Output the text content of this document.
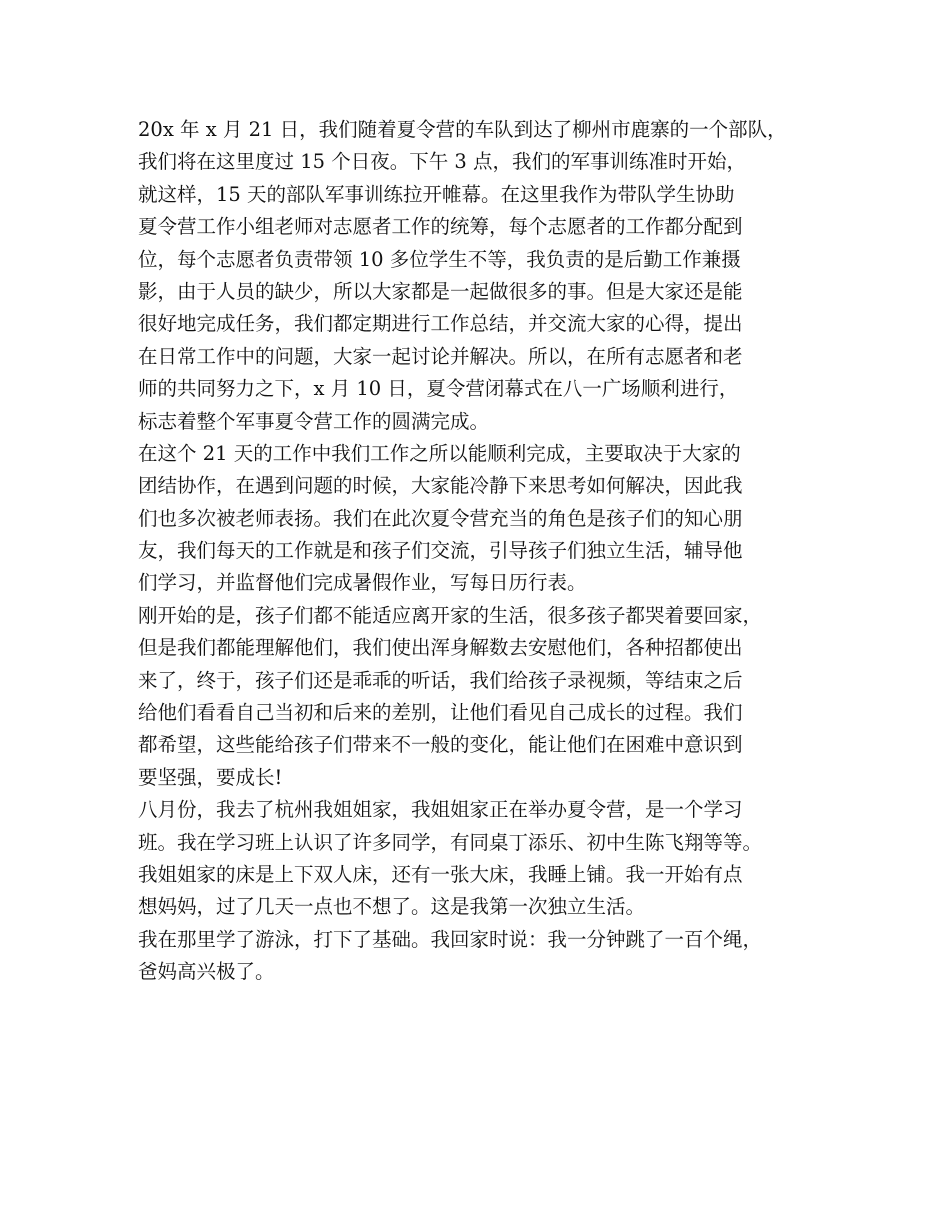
20x 年 x 月 21 日，我们随着夏令营的车队到达了柳州市鹿寨的一个部队，
我们将在这里度过 15 个日夜。下午 3 点，我们的军事训练准时开始，
就这样，15 天的部队军事训练拉开帷幕。在这里我作为带队学生协助
夏令营工作小组老师对志愿者工作的统筹，每个志愿者的工作都分配到
位，每个志愿者负责带领 10 多位学生不等，我负责的是后勤工作兼摄
影，由于人员的缺少，所以大家都是一起做很多的事。但是大家还是能
很好地完成任务，我们都定期进行工作总结，并交流大家的心得，提出
在日常工作中的问题，大家一起讨论并解决。所以，在所有志愿者和老
师的共同努力之下，x 月 10 日，夏令营闭幕式在八一广场顺利进行，
标志着整个军事夏令营工作的圆满完成。
在这个 21 天的工作中我们工作之所以能顺利完成，主要取决于大家的
团结协作，在遇到问题的时候，大家能冷静下来思考如何解决，因此我
们也多次被老师表扬。我们在此次夏令营充当的角色是孩子们的知心朋
友，我们每天的工作就是和孩子们交流，引导孩子们独立生活，辅导他
们学习，并监督他们完成暑假作业，写每日历行表。
刚开始的是，孩子们都不能适应离开家的生活，很多孩子都哭着要回家，
但是我们都能理解他们，我们使出浑身解数去安慰他们，各种招都使出
来了，终于，孩子们还是乖乖的听话，我们给孩子录视频，等结束之后
给他们看看自己当初和后来的差别，让他们看见自己成长的过程。我们
都希望，这些能给孩子们带来不一般的变化，能让他们在困难中意识到
要坚强，要成长!
八月份，我去了杭州我姐姐家，我姐姐家正在举办夏令营，是一个学习
班。我在学习班上认识了许多同学，有同桌丁添乐、初中生陈飞翔等等。
我姐姐家的床是上下双人床，还有一张大床，我睡上铺。我一开始有点
想妈妈，过了几天一点也不想了。这是我第一次独立生活。
我在那里学了游泳，打下了基础。我回家时说：我一分钟跳了一百个绳，
爸妈高兴极了。
